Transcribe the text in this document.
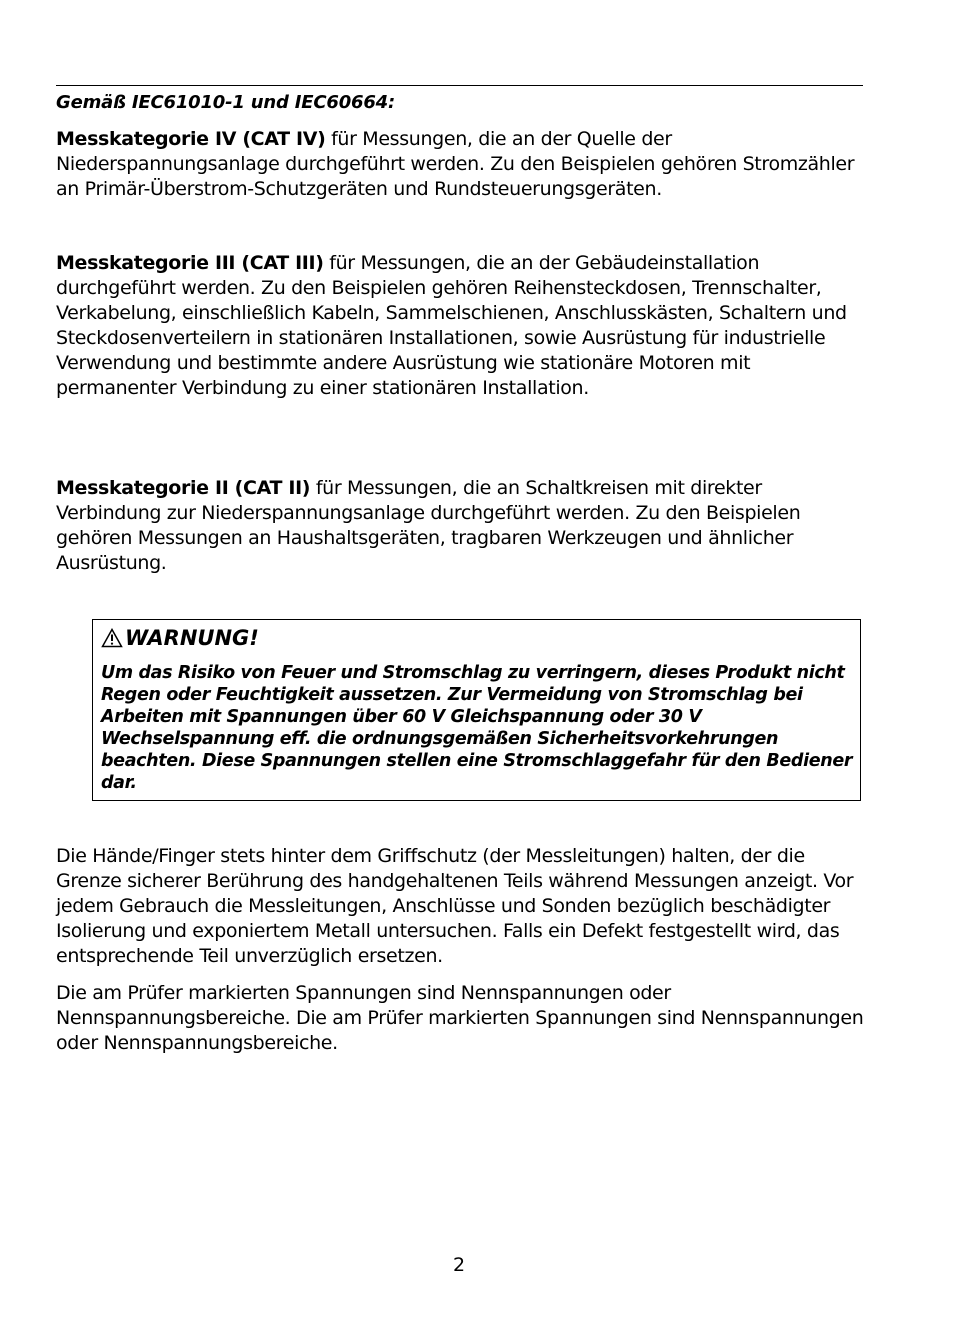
Gemäß IEC61010-1 und IEC60664:

Messkategorie IV (CAT IV) für Messungen, die an der Quelle der Niederspannungsanlage durchgeführt werden. Zu den Beispielen gehören Stromzähler an Primär-Überstrom-Schutzgeräten und Rundsteuerungsgeräten.

Messkategorie III (CAT III) für Messungen, die an der Gebäudeinstallation durchgeführt werden. Zu den Beispielen gehören Reihensteckdosen, Trennschalter, Verkabelung, einschließlich Kabeln, Sammelschienen, Anschlusskästen, Schaltern und Steckdosenverteilern in stationären Installationen, sowie Ausrüstung für industrielle Verwendung und bestimmte andere Ausrüstung wie stationäre Motoren mit permanenter Verbindung zu einer stationären Installation.

Messkategorie II (CAT II) für Messungen, die an Schaltkreisen mit direkter Verbindung zur Niederspannungsanlage durchgeführt werden. Zu den Beispielen gehören Messungen an Haushaltsgeräten, tragbaren Werkzeugen und ähnlicher Ausrüstung.

WARNUNG!

Um das Risiko von Feuer und Stromschlag zu verringern, dieses Produkt nicht Regen oder Feuchtigkeit aussetzen. Zur Vermeidung von Stromschlag bei Arbeiten mit Spannungen über 60 V Gleichspannung oder 30 V Wechselspannung eff. die ordnungsgemäßen Sicherheitsvorkehrungen beachten. Diese Spannungen stellen eine Stromschlaggefahr für den Bediener dar.

Die Hände/Finger stets hinter dem Griffschutz (der Messleitungen) halten, der die Grenze sicherer Berührung des handgehaltenen Teils während Messungen anzeigt. Vor jedem Gebrauch die Messleitungen, Anschlüsse und Sonden bezüglich beschädigter Isolierung und exponiertem Metall untersuchen. Falls ein Defekt festgestellt wird, das entsprechende Teil unverzüglich ersetzen.

Die am Prüfer markierten Spannungen sind Nennspannungen oder Nennspannungsbereiche. Die am Prüfer markierten Spannungen sind Nennspannungen oder Nennspannungsbereiche.

2
